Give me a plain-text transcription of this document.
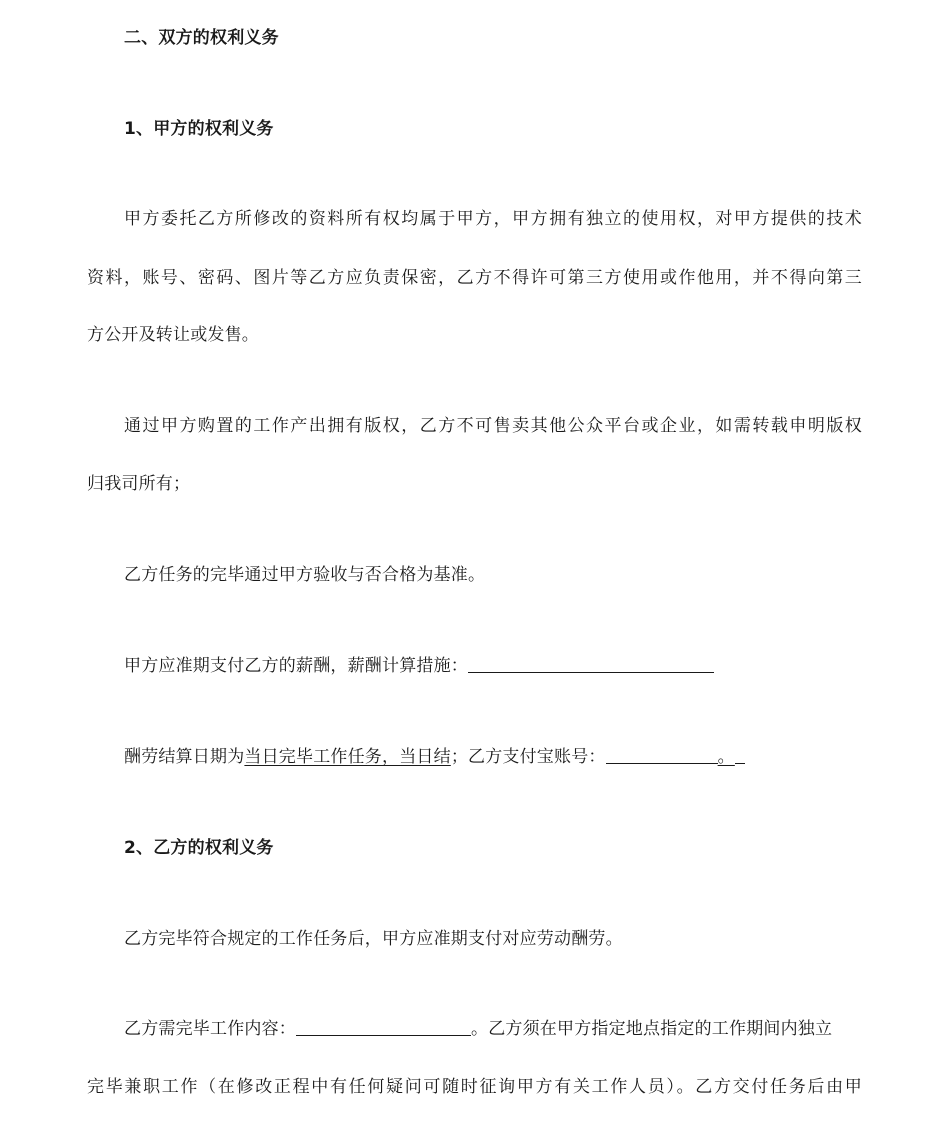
二、双方的权利义务
1、甲方的权利义务
甲方委托乙方所修改的资料所有权均属于甲方，甲方拥有独立的使用权，对甲方提供的技术
资料，账号、密码、图片等乙方应负责保密，乙方不得许可第三方使用或作他用，并不得向第三
方公开及转让或发售。
通过甲方购置的工作产出拥有版权，乙方不可售卖其他公众平台或企业，如需转载申明版权
归我司所有；
乙方任务的完毕通过甲方验收与否合格为基准。
甲方应准期支付乙方的薪酬，薪酬计算措施：
酬劳结算日期为当日完毕工作任务，当日结；乙方支付宝账号：	。
2、乙方的权利义务
乙方完毕符合规定的工作任务后，甲方应准期支付对应劳动酬劳。
乙方需完毕工作内容：	。乙方须在甲方指定地点指定的工作期间内独立
完毕兼职工作（在修改正程中有任何疑问可随时征询甲方有关工作人员）。乙方交付任务后由甲
